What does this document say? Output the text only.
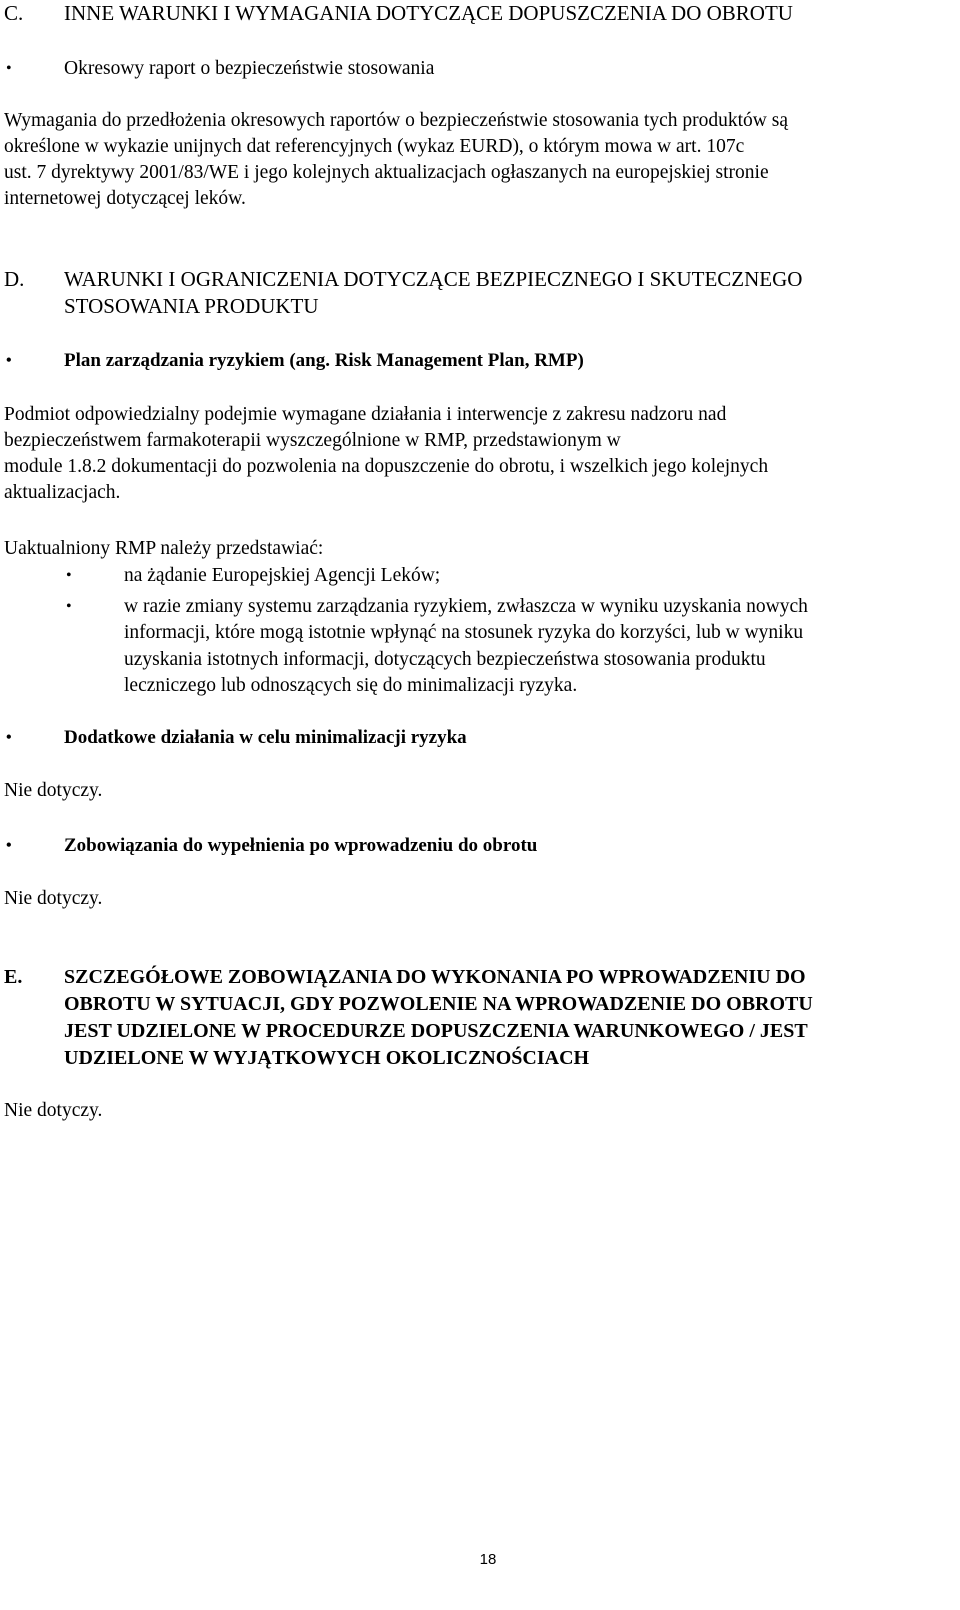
C.	INNE WARUNKI I WYMAGANIA DOTYCZĄCE DOPUSZCZENIA DO OBROTU
•	Okresowy raport o bezpieczeństwie stosowania
Wymagania do przedłożenia okresowych raportów o bezpieczeństwie stosowania tych produktów są
określone w wykazie unijnych dat referencyjnych (wykaz EURD), o którym mowa w art. 107c
ust. 7 dyrektywy 2001/83/WE i jego kolejnych aktualizacjach ogłaszanych na europejskiej stronie
internetowej dotyczącej leków.
D.	WARUNKI I OGRANICZENIA DOTYCZĄCE BEZPIECZNEGO I SKUTECZNEGO
STOSOWANIA PRODUKTU
•	Plan zarządzania ryzykiem (ang. Risk Management Plan, RMP)
Podmiot odpowiedzialny podejmie wymagane działania i interwencje z zakresu nadzoru nad
bezpieczeństwem farmakoterapii wyszczególnione w RMP, przedstawionym w
module 1.8.2 dokumentacji do pozwolenia na dopuszczenie do obrotu, i wszelkich jego kolejnych
aktualizacjach.
Uaktualniony RMP należy przedstawiać:
•	na żądanie Europejskiej Agencji Leków;
•	w razie zmiany systemu zarządzania ryzykiem, zwłaszcza w wyniku uzyskania nowych
informacji, które mogą istotnie wpłynąć na stosunek ryzyka do korzyści, lub w wyniku
uzyskania istotnych informacji, dotyczących bezpieczeństwa stosowania produktu
leczniczego lub odnoszących się do minimalizacji ryzyka.
•	Dodatkowe działania w celu minimalizacji ryzyka
Nie dotyczy.
•	Zobowiązania do wypełnienia po wprowadzeniu do obrotu
Nie dotyczy.
E.	SZCZEGÓŁOWE ZOBOWIĄZANIA DO WYKONANIA PO WPROWADZENIU DO
OBROTU W SYTUACJI, GDY POZWOLENIE NA WPROWADZENIE DO OBROTU
JEST UDZIELONE W PROCEDURZE DOPUSZCZENIA WARUNKOWEGO / JEST
UDZIELONE W WYJĄTKOWYCH OKOLICZNOŚCIACH
Nie dotyczy.
18
